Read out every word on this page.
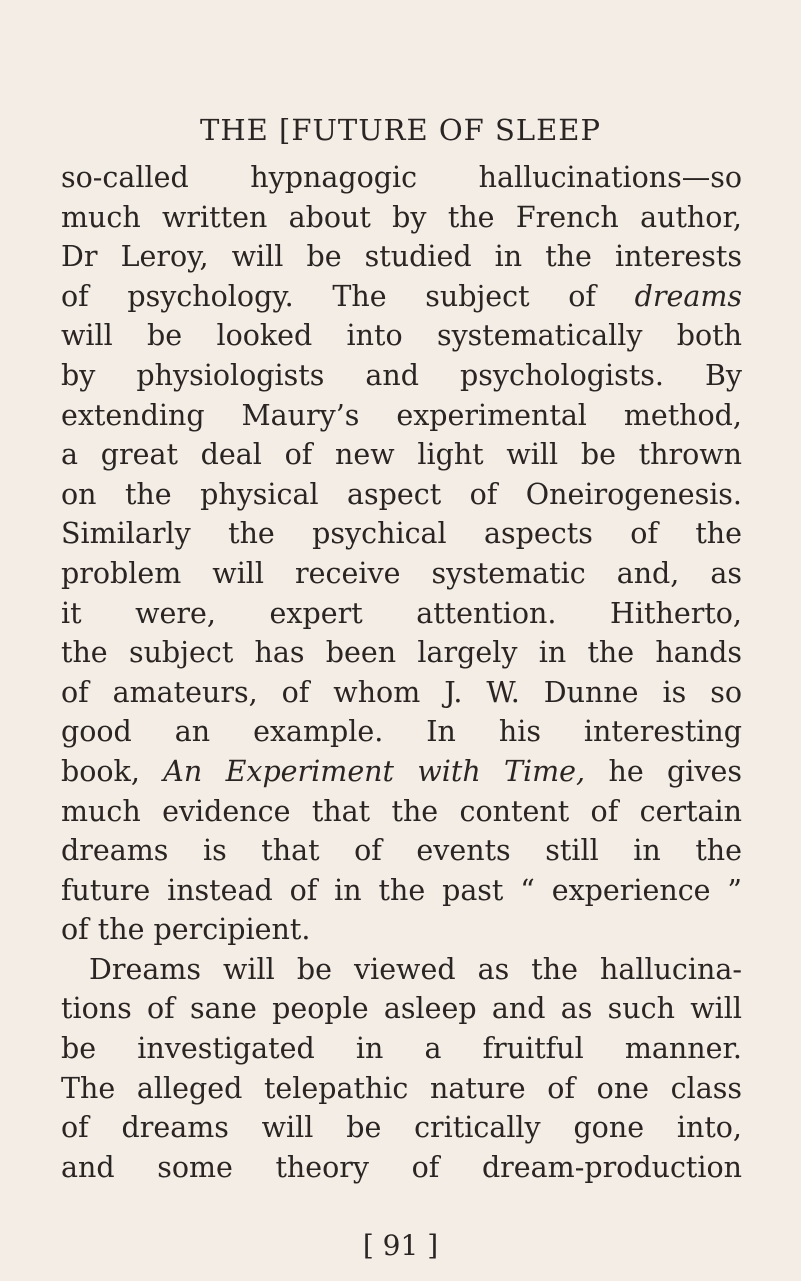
THE [FUTURE OF SLEEP
so-called hypnagogic hallucinations—so
much written about by the French author,
Dr Leroy, will be studied in the interests
of psychology. The subject of dreams
will be looked into systematically both
by physiologists and psychologists. By
extending Maury’s experimental method,
a great deal of new light will be thrown
on the physical aspect of Oneirogenesis.
Similarly the psychical aspects of the
problem will receive systematic and, as
it were, expert attention. Hitherto,
the subject has been largely in the hands
of amateurs, of whom J. W. Dunne is so
good an example. In his interesting
book, An Experiment with Time, he gives
much evidence that the content of certain
dreams is that of events still in the
future instead of in the past “ experience ”
of the percipient.
Dreams will be viewed as the hallucina-
tions of sane people asleep and as such will
be investigated in a fruitful manner.
The alleged telepathic nature of one class
of dreams will be critically gone into,
and some theory of dream-production
[ 91 ]
